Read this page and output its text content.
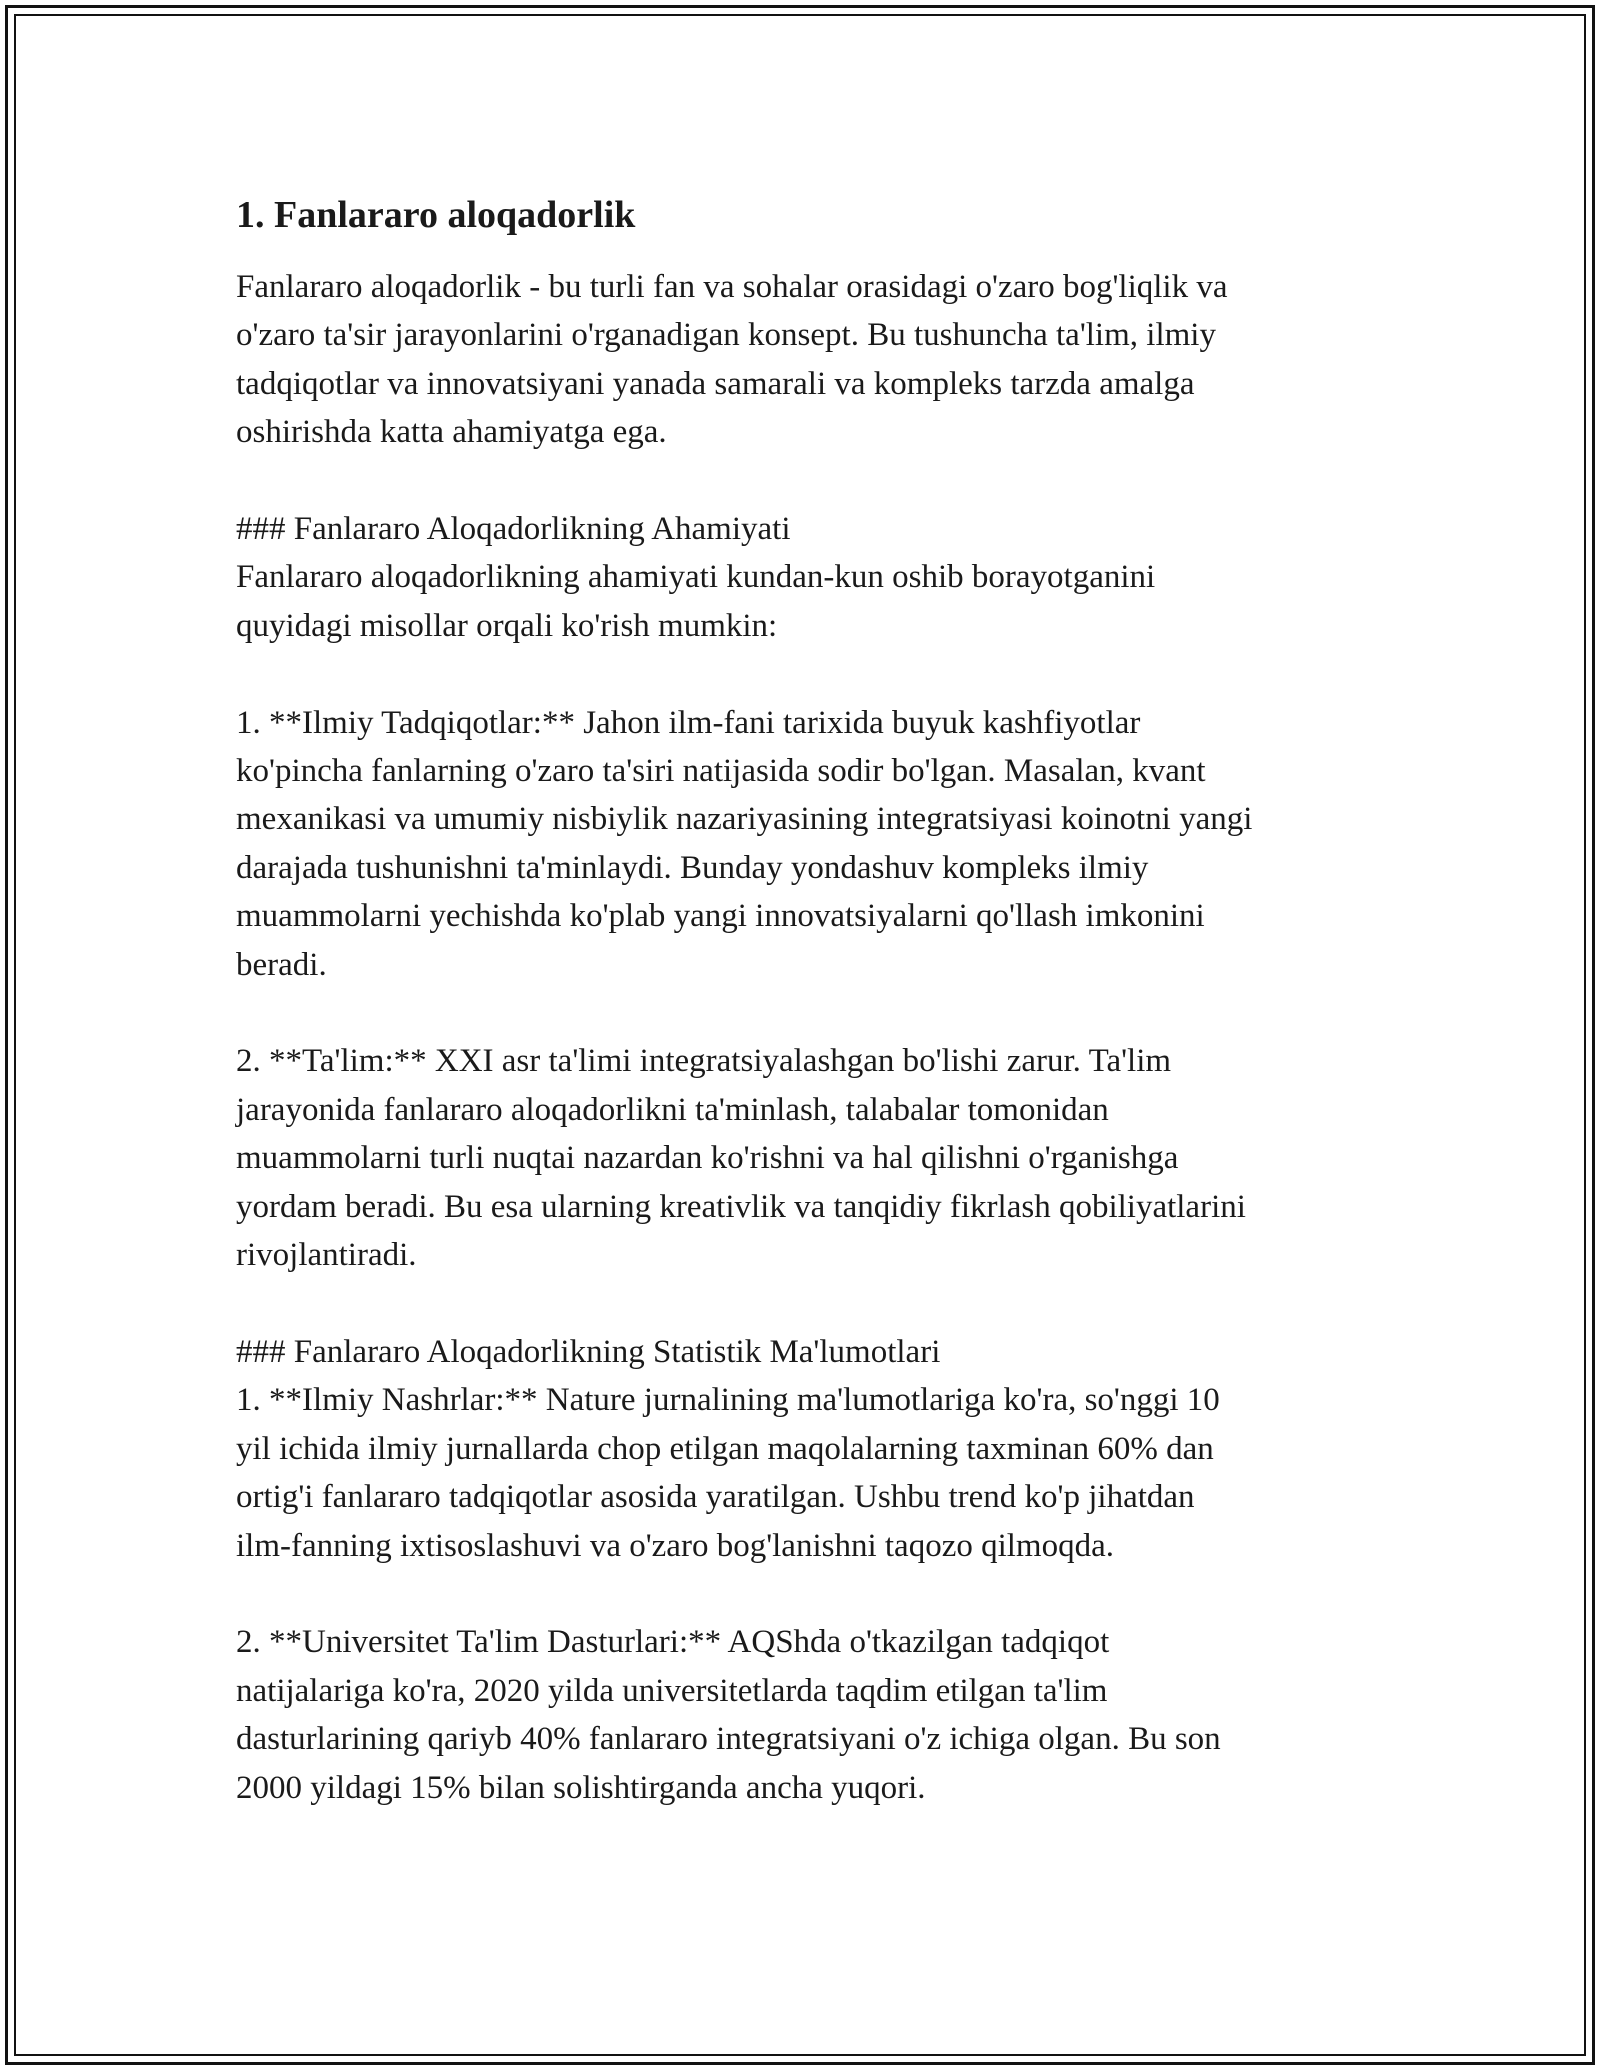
1. Fanlararo aloqadorlik

Fanlararo aloqadorlik - bu turli fan va sohalar orasidagi o'zaro bog'liqlik va
o'zaro ta'sir jarayonlarini o'rganadigan konsept. Bu tushuncha ta'lim, ilmiy
tadqiqotlar va innovatsiyani yanada samarali va kompleks tarzda amalga
oshirishda katta ahamiyatga ega.

### Fanlararo Aloqadorlikning Ahamiyati
Fanlararo aloqadorlikning ahamiyati kundan-kun oshib borayotganini
quyidagi misollar orqali ko'rish mumkin:

1. **Ilmiy Tadqiqotlar:** Jahon ilm-fani tarixida buyuk kashfiyotlar
ko'pincha fanlarning o'zaro ta'siri natijasida sodir bo'lgan. Masalan, kvant
mexanikasi va umumiy nisbiylik nazariyasining integratsiyasi koinotni yangi
darajada tushunishni ta'minlaydi. Bunday yondashuv kompleks ilmiy
muammolarni yechishda ko'plab yangi innovatsiyalarni qo'llash imkonini
beradi.

2. **Ta'lim:** XXI asr ta'limi integratsiyalashgan bo'lishi zarur. Ta'lim
jarayonida fanlararo aloqadorlikni ta'minlash, talabalar tomonidan
muammolarni turli nuqtai nazardan ko'rishni va hal qilishni o'rganishga
yordam beradi. Bu esa ularning kreativlik va tanqidiy fikrlash qobiliyatlarini
rivojlantiradi.

### Fanlararo Aloqadorlikning Statistik Ma'lumotlari
1. **Ilmiy Nashrlar:** Nature jurnalining ma'lumotlariga ko'ra, so'nggi 10
yil ichida ilmiy jurnallarda chop etilgan maqolalarning taxminan 60% dan
ortig'i fanlararo tadqiqotlar asosida yaratilgan. Ushbu trend ko'p jihatdan
ilm-fanning ixtisoslashuvi va o'zaro bog'lanishni taqozo qilmoqda.

2. **Universitet Ta'lim Dasturlari:** AQShda o'tkazilgan tadqiqot
natijalariga ko'ra, 2020 yilda universitetlarda taqdim etilgan ta'lim
dasturlarining qariyb 40% fanlararo integratsiyani o'z ichiga olgan. Bu son
2000 yildagi 15% bilan solishtirganda ancha yuqori.
